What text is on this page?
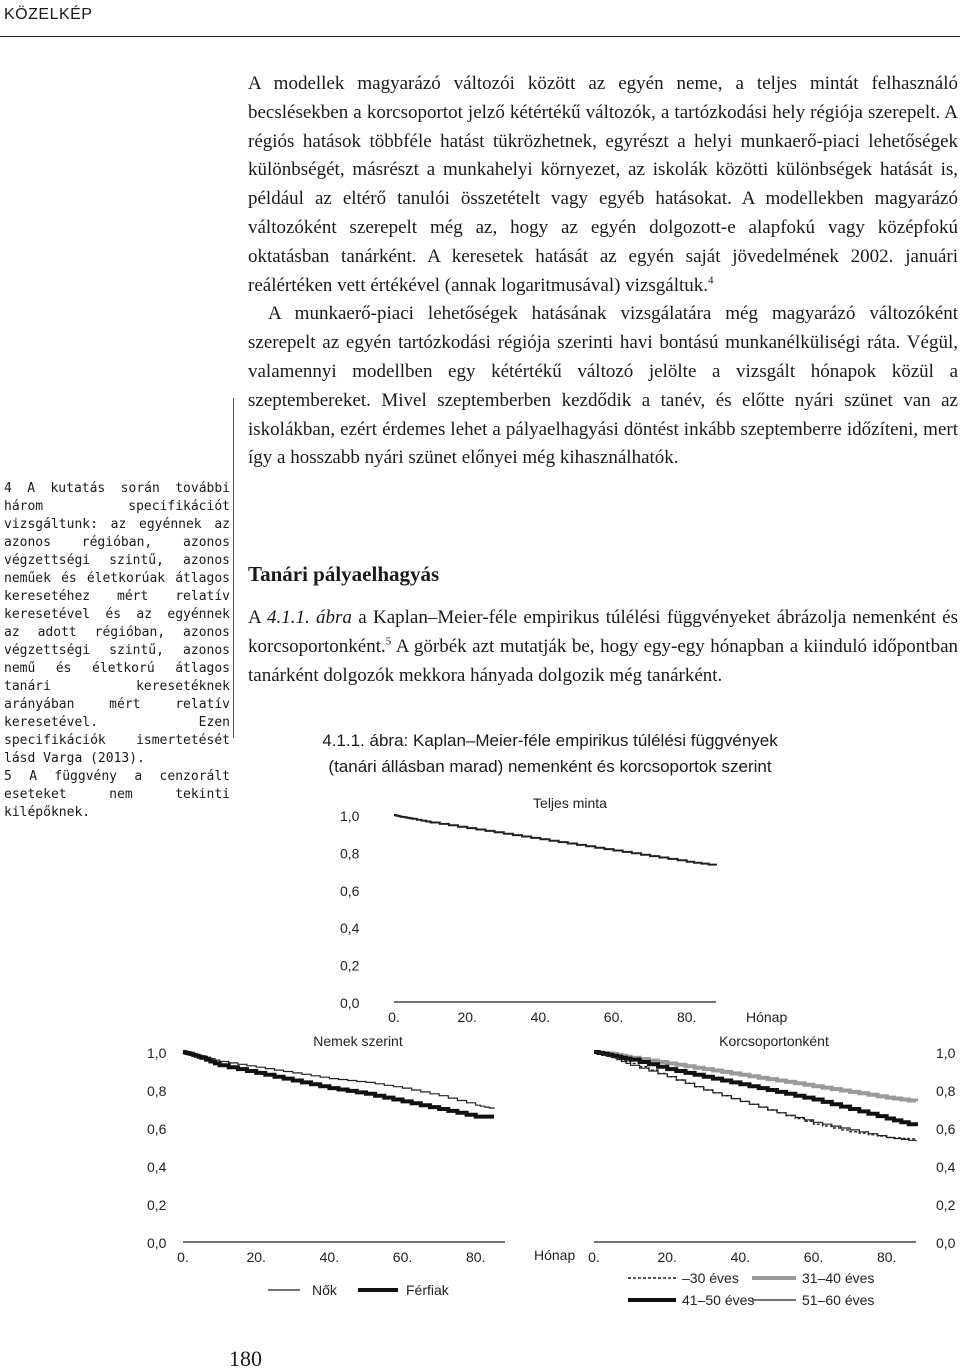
KÖZELKÉP

4 A kutatás során további három specifikációt vizsgáltunk: az egyénnek az azonos régióban, azonos végzettségi szintű, azonos neműek és életkorúak átlagos keresetéhez mért relatív keresetével és az egyénnek az adott régióban, azonos végzettségi szintű, azonos nemű és életkorú átlagos tanári keresetéknek arányában mért relatív keresetével. Ezen specifikációk ismertetését lásd Varga (2013).

5 A függvény a cenzorált eseteket nem tekinti kilépőknek.

A modellek magyarázó változói között az egyén neme, a teljes mintát felhasználó becslésekben a korcsoportot jelző kétértékű változók, a tartózkodási hely régiója szerepelt. A régiós hatások többféle hatást tükrözhetnek, egyrészt a helyi munkaerő-piaci lehetőségek különbségét, másrészt a munkahelyi környezet, az iskolák közötti különbségek hatását is, például az eltérő tanulói összetételt vagy egyéb hatásokat. A modellekben magyarázó változóként szerepelt még az, hogy az egyén dolgozott-e alapfokú vagy középfokú oktatásban tanárként. A keresetek hatását az egyén saját jövedelmének 2002. januári reálértéken vett értékével (annak logaritmusával) vizsgáltuk.$^4$

A munkaerő-piaci lehetőségek hatásának vizsgálatára még magyarázó változóként szerepelt az egyén tartózkodási régiója szerinti havi bontású munkanélküliségi ráta. Végül, valamennyi modellben egy kétértékű változó jelölte a vizsgált hónapok közül a szeptembereket. Mivel szeptemberben kezdődik a tanév, és előtte nyári szünet van az iskolákban, ezért érdemes lehet a pályaelhagyási döntést inkább szeptemberre időzíteni, mert így a hosszabb nyári szünet előnyei még kihasználhatók.

Tanári pályaelhagyás

A 4.1.1. ábra a Kaplan–Meier-féle empirikus túlélési függvényeket ábrázolja nemenként és korcsoportonként.$^5$ A görbék azt mutatják be, hogy egy-egy hónapban a kiinduló időpontban tanárként dolgozók mekkora hányada dolgozik még tanárként.

4.1.1. ábra: Kaplan–Meier-féle empirikus túlélési függvények
(tanári állásban marad) nemenként és korcsoportok szerint
0,0
0,2
0,4
0,6
0,8
1,0
0.	20.	40.	60.	80.	Hónap
Teljes minta
0,0
0,2
0,4
0,6
0,8
1,0
0.	20.	40.	60.	80.	Hónap
Nemek szerint
0,0
0,2
0,4
0,6
0,8
1,0
0.	20.	40.	60.	80.
Korcsoportonként
Nők	Férfiak
–30 éves	31–40 éves
41–50 éves	51–60 éves
180
